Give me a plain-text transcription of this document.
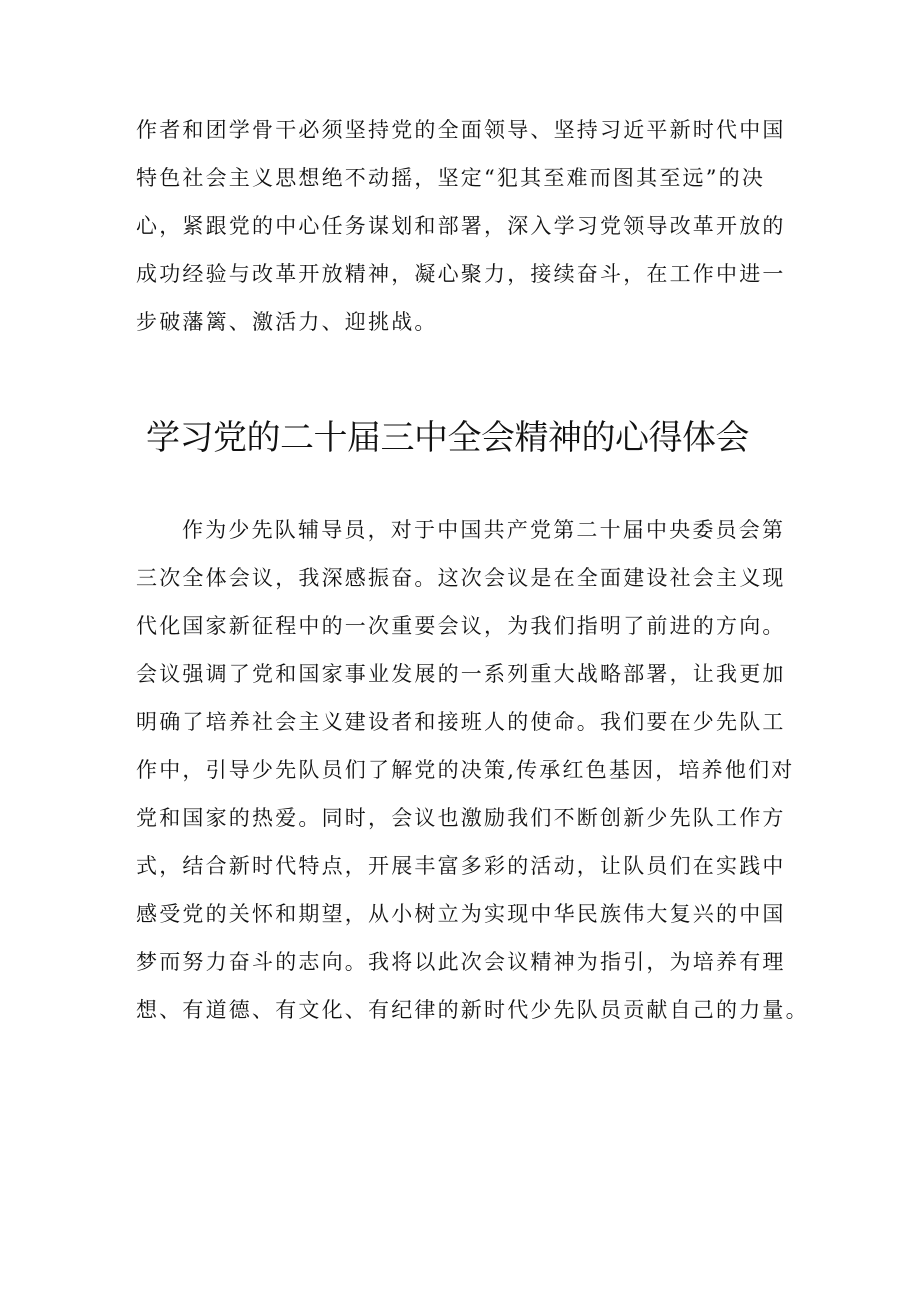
作者和团学骨干必须坚持党的全面领导、坚持习近平新时代中国
特色社会主义思想绝不动摇，坚定“犯其至难而图其至远”的决
心，紧跟党的中心任务谋划和部署，深入学习党领导改革开放的
成功经验与改革开放精神，凝心聚力，接续奋斗，在工作中进一
步破藩篱、激活力、迎挑战。
学习党的二十届三中全会精神的心得体会
作为少先队辅导员，对于中国共产党第二十届中央委员会第
三次全体会议，我深感振奋。这次会议是在全面建设社会主义现
代化国家新征程中的一次重要会议，为我们指明了前进的方向。
会议强调了党和国家事业发展的一系列重大战略部署，让我更加
明确了培养社会主义建设者和接班人的使命。我们要在少先队工
作中，引导少先队员们了解党的决策,传承红色基因，培养他们对
党和国家的热爱。同时，会议也激励我们不断创新少先队工作方
式，结合新时代特点，开展丰富多彩的活动，让队员们在实践中
感受党的关怀和期望，从小树立为实现中华民族伟大复兴的中国
梦而努力奋斗的志向。我将以此次会议精神为指引，为培养有理
想、有道德、有文化、有纪律的新时代少先队员贡献自己的力量。
